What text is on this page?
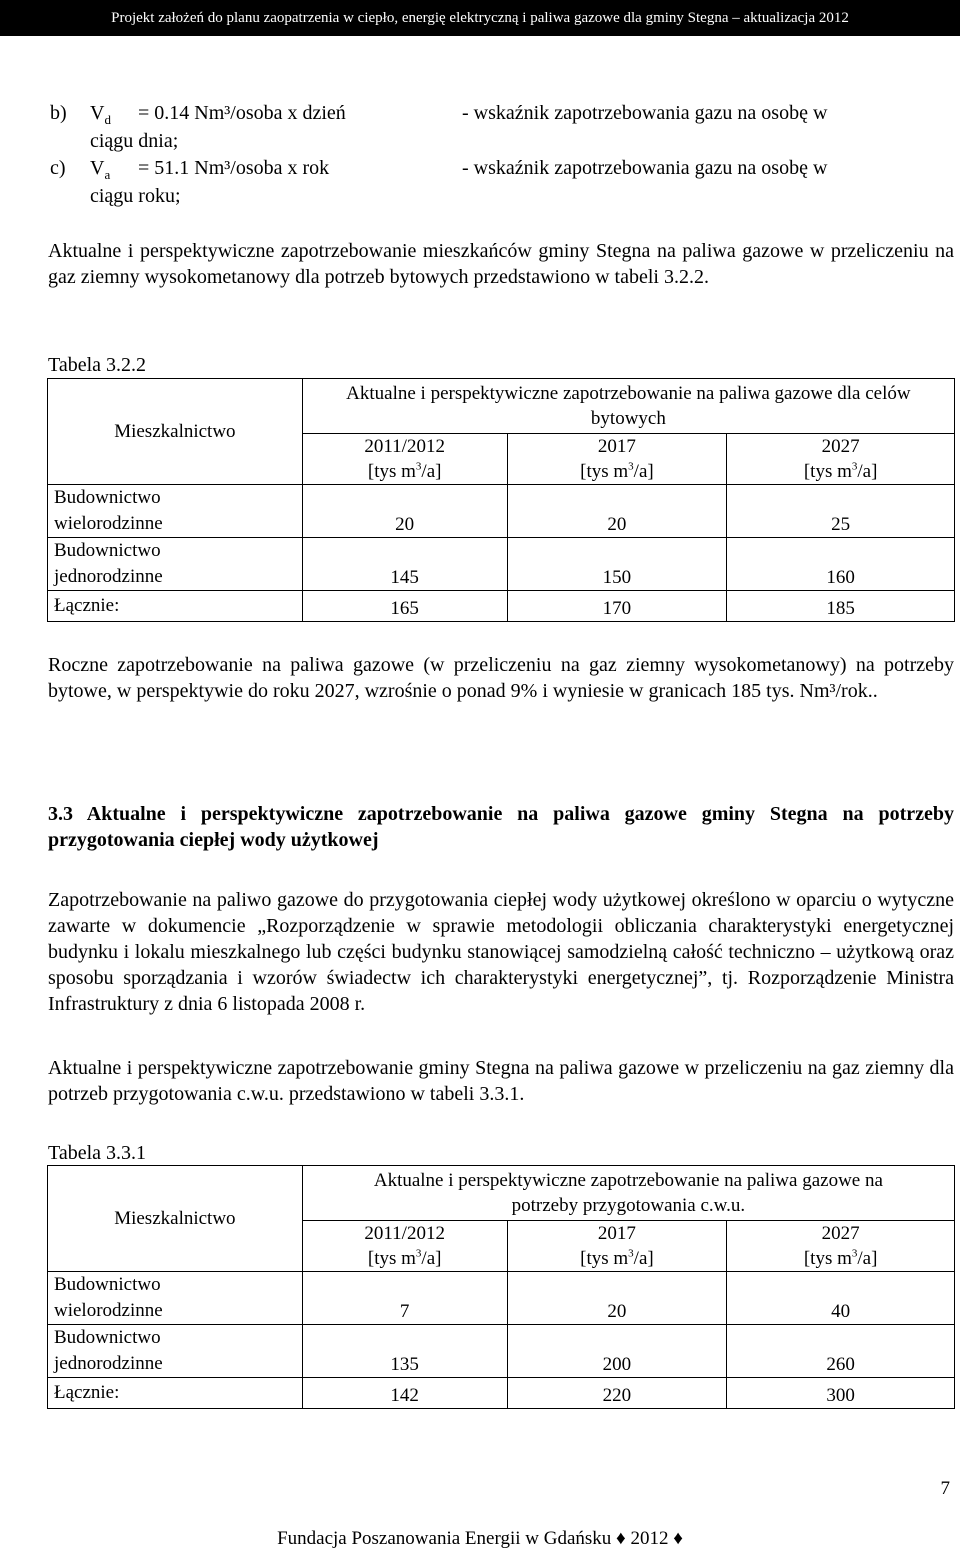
Projekt założeń do planu zaopatrzenia w ciepło, energię elektryczną i paliwa gazowe dla gminy Stegna – aktualizacja 2012
b) $V_d = 0.14$ Nm³/osoba x dzień	- wskaźnik zapotrzebowania gazu na osobę w
ciągu dnia;
c) $V_a = 51.1$ Nm³/osoba x rok	- wskaźnik zapotrzebowania gazu na osobę w
ciągu roku;
Aktualne i perspektywiczne zapotrzebowanie mieszkańców gminy Stegna na paliwa gazowe w przeliczeniu na gaz ziemny wysokometanowy dla potrzeb bytowych przedstawiono w tabeli 3.2.2.
Tabela 3.2.2
Mieszkalnictwo	Aktualne i perspektywiczne zapotrzebowanie na paliwa gazowe dla celów bytowych		
	2011/2012	2017	2027
	[tys $m^3/a$]	[tys $m^3/a$]	[tys $m^3/a$]
Budownictwo
wielorodzinne	20	20	25
Budownictwo
jednorodzinne	145	150	160
Łącznie:	165	170	185
Roczne zapotrzebowanie na paliwa gazowe (w przeliczeniu na gaz ziemny wysokometanowy) na potrzeby bytowe, w perspektywie do roku 2027, wzrośnie o ponad 9% i wyniesie w granicach 185 tys. Nm³/rok..
3.3 Aktualne i perspektywiczne zapotrzebowanie na paliwa gazowe gminy Stegna na potrzeby przygotowania ciepłej wody użytkowej
Zapotrzebowanie na paliwo gazowe do przygotowania ciepłej wody użytkowej określono w oparciu o wytyczne zawarte w dokumencie „Rozporządzenie w sprawie metodologii obliczania charakterystyki energetycznej budynku i lokalu mieszkalnego lub części budynku stanowiącej samodzielną całość techniczno – użytkową oraz sposobu sporządzania i wzorów świadectw ich charakterystyki energetycznej”, tj. Rozporządzenie Ministra Infrastruktury z dnia 6 listopada 2008 r.
Aktualne i perspektywiczne zapotrzebowanie gminy Stegna na paliwa gazowe w przeliczeniu na gaz ziemny dla potrzeb przygotowania c.w.u. przedstawiono w tabeli 3.3.1.
Tabela 3.3.1
Mieszkalnictwo	Aktualne i perspektywiczne zapotrzebowanie na paliwa gazowe na potrzeby przygotowania c.w.u.		
	2011/2012	2017	2027
	[tys $m^3/a$]	[tys $m^3/a$]	[tys $m^3/a$]
Budownictwo
wielorodzinne	7	20	40
Budownictwo
jednorodzinne	135	200	260
Łącznie:	142	220	300
7
Fundacja Poszanowania Energii w Gdańsku ♦ 2012 ♦
